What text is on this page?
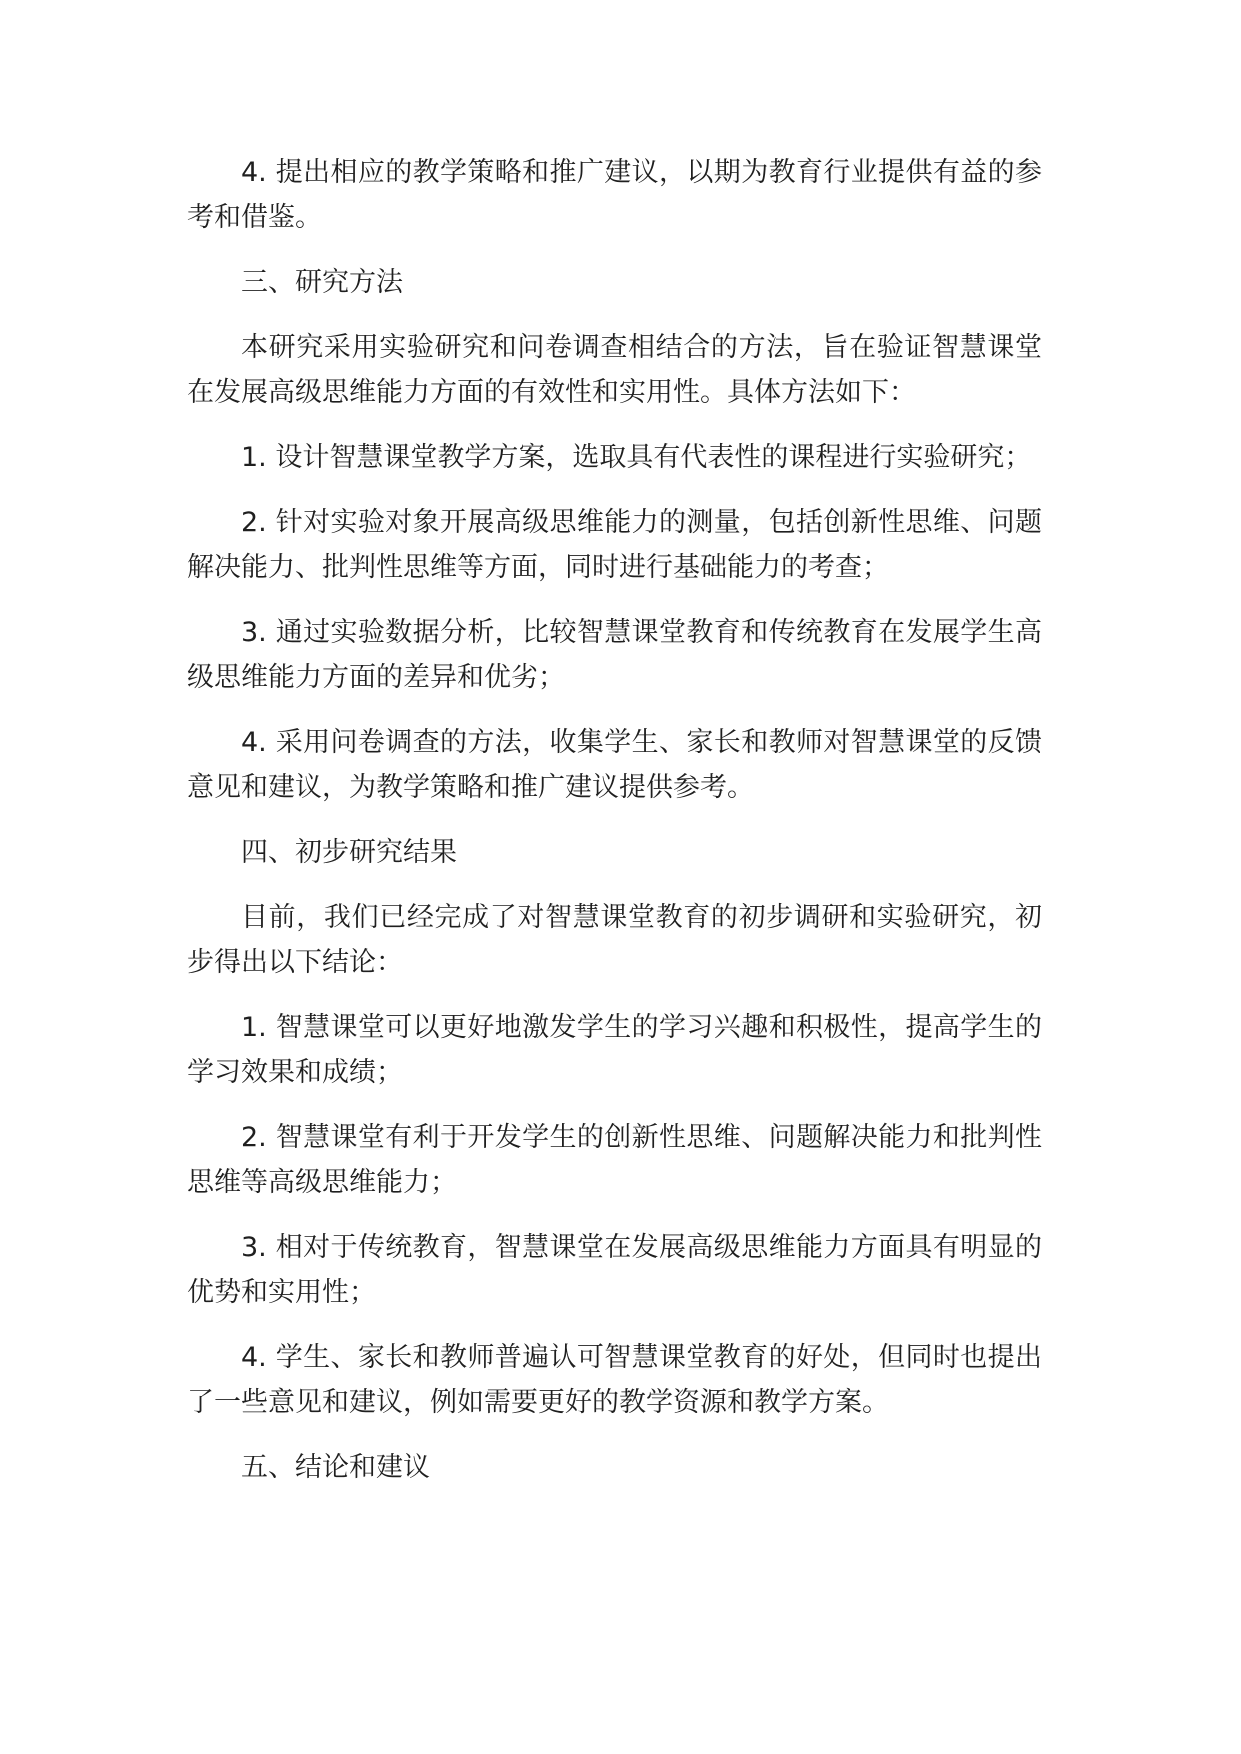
4. 提出相应的教学策略和推广建议，以期为教育行业提供有益的参考和借鉴。

三、研究方法

本研究采用实验研究和问卷调查相结合的方法，旨在验证智慧课堂在发展高级思维能力方面的有效性和实用性。具体方法如下：

1. 设计智慧课堂教学方案，选取具有代表性的课程进行实验研究；

2. 针对实验对象开展高级思维能力的测量，包括创新性思维、问题解决能力、批判性思维等方面，同时进行基础能力的考查；

3. 通过实验数据分析，比较智慧课堂教育和传统教育在发展学生高级思维能力方面的差异和优劣；

4. 采用问卷调查的方法，收集学生、家长和教师对智慧课堂的反馈意见和建议，为教学策略和推广建议提供参考。

四、初步研究结果

目前，我们已经完成了对智慧课堂教育的初步调研和实验研究，初步得出以下结论：

1. 智慧课堂可以更好地激发学生的学习兴趣和积极性，提高学生的学习效果和成绩；

2. 智慧课堂有利于开发学生的创新性思维、问题解决能力和批判性思维等高级思维能力；

3. 相对于传统教育，智慧课堂在发展高级思维能力方面具有明显的优势和实用性；

4. 学生、家长和教师普遍认可智慧课堂教育的好处，但同时也提出了一些意见和建议，例如需要更好的教学资源和教学方案。

五、结论和建议
